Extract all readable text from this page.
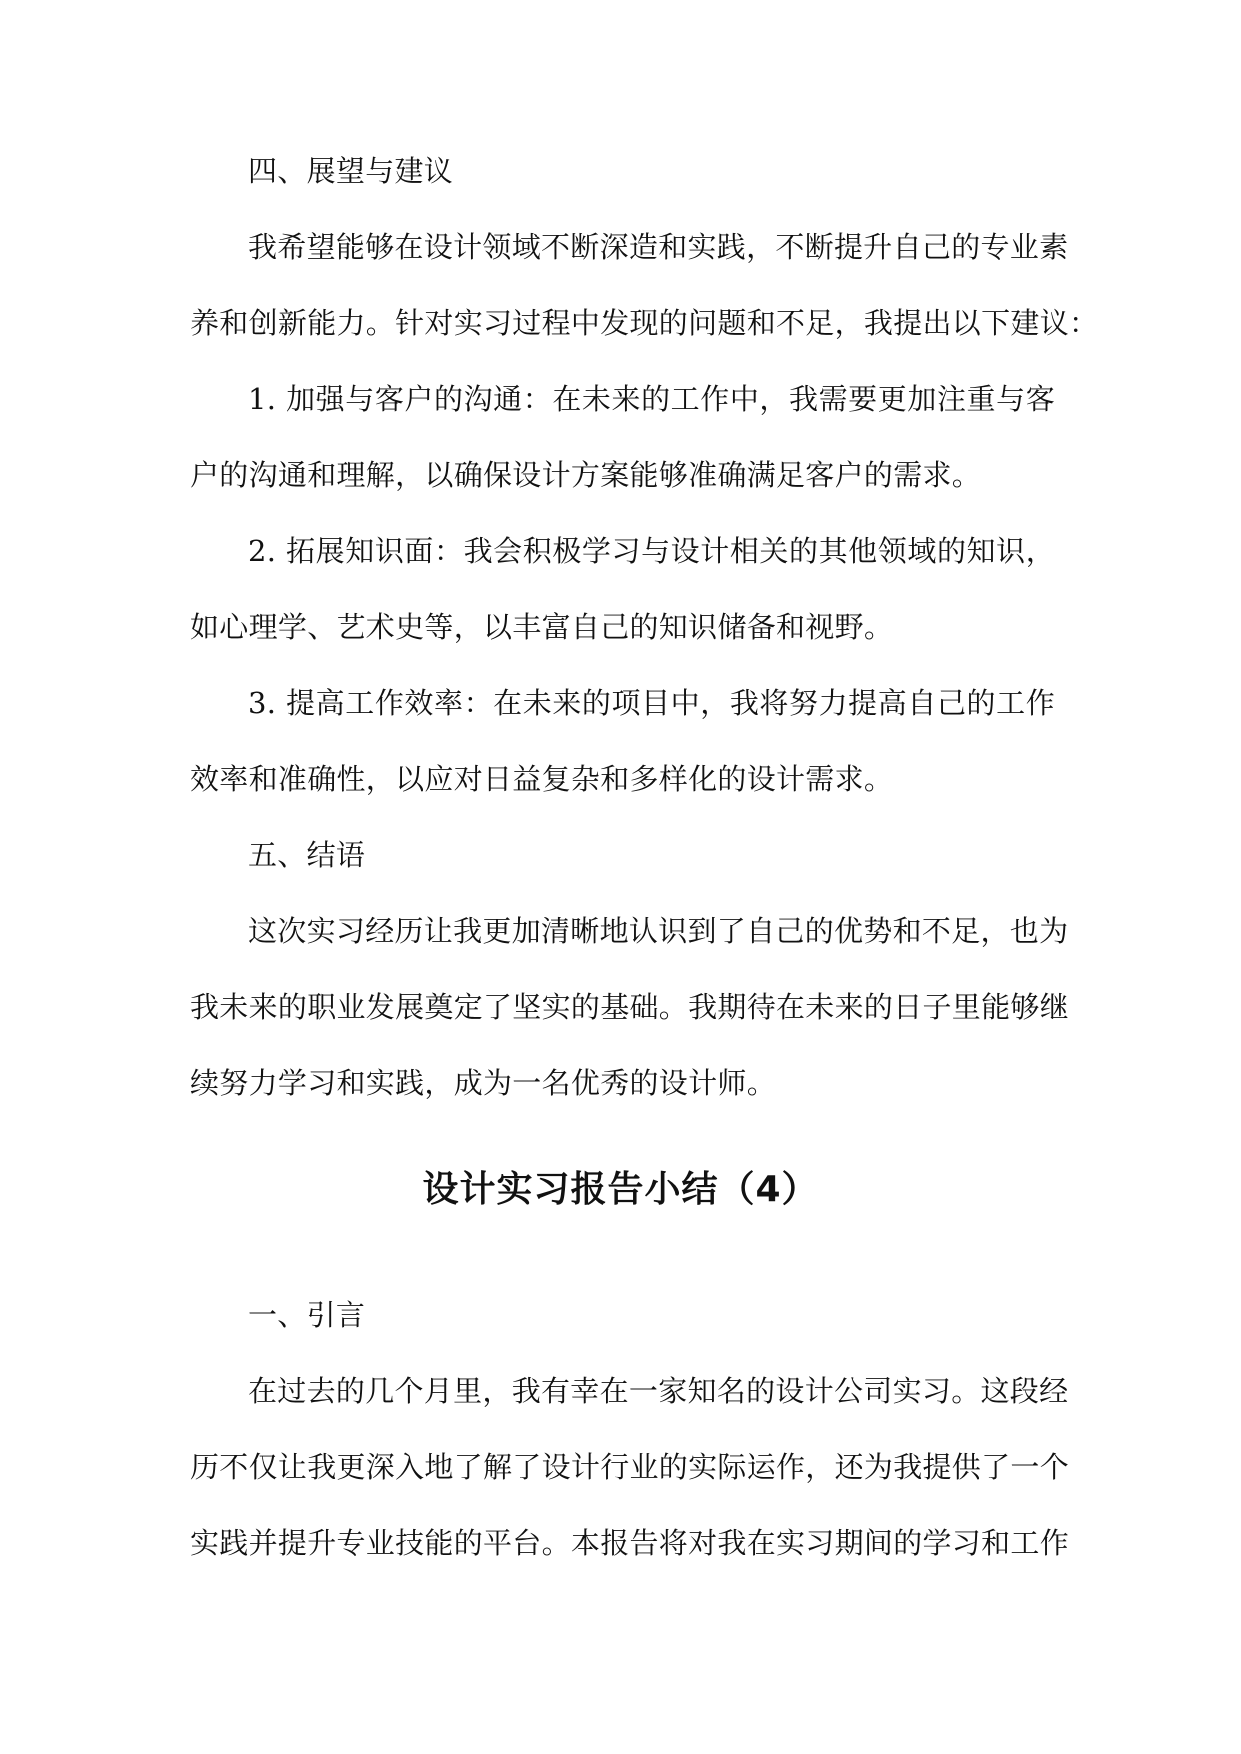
四、展望与建议
我希望能够在设计领域不断深造和实践，不断提升自己的专业素
养和创新能力。针对实习过程中发现的问题和不足，我提出以下建议：
1. 加强与客户的沟通：在未来的工作中，我需要更加注重与客
户的沟通和理解，以确保设计方案能够准确满足客户的需求。
2. 拓展知识面：我会积极学习与设计相关的其他领域的知识，
如心理学、艺术史等，以丰富自己的知识储备和视野。
3. 提高工作效率：在未来的项目中，我将努力提高自己的工作
效率和准确性，以应对日益复杂和多样化的设计需求。
五、结语
这次实习经历让我更加清晰地认识到了自己的优势和不足，也为
我未来的职业发展奠定了坚实的基础。我期待在未来的日子里能够继
续努力学习和实践，成为一名优秀的设计师。
设计实习报告小结（4）
一、引言
在过去的几个月里，我有幸在一家知名的设计公司实习。这段经
历不仅让我更深入地了解了设计行业的实际运作，还为我提供了一个
实践并提升专业技能的平台。本报告将对我在实习期间的学习和工作
